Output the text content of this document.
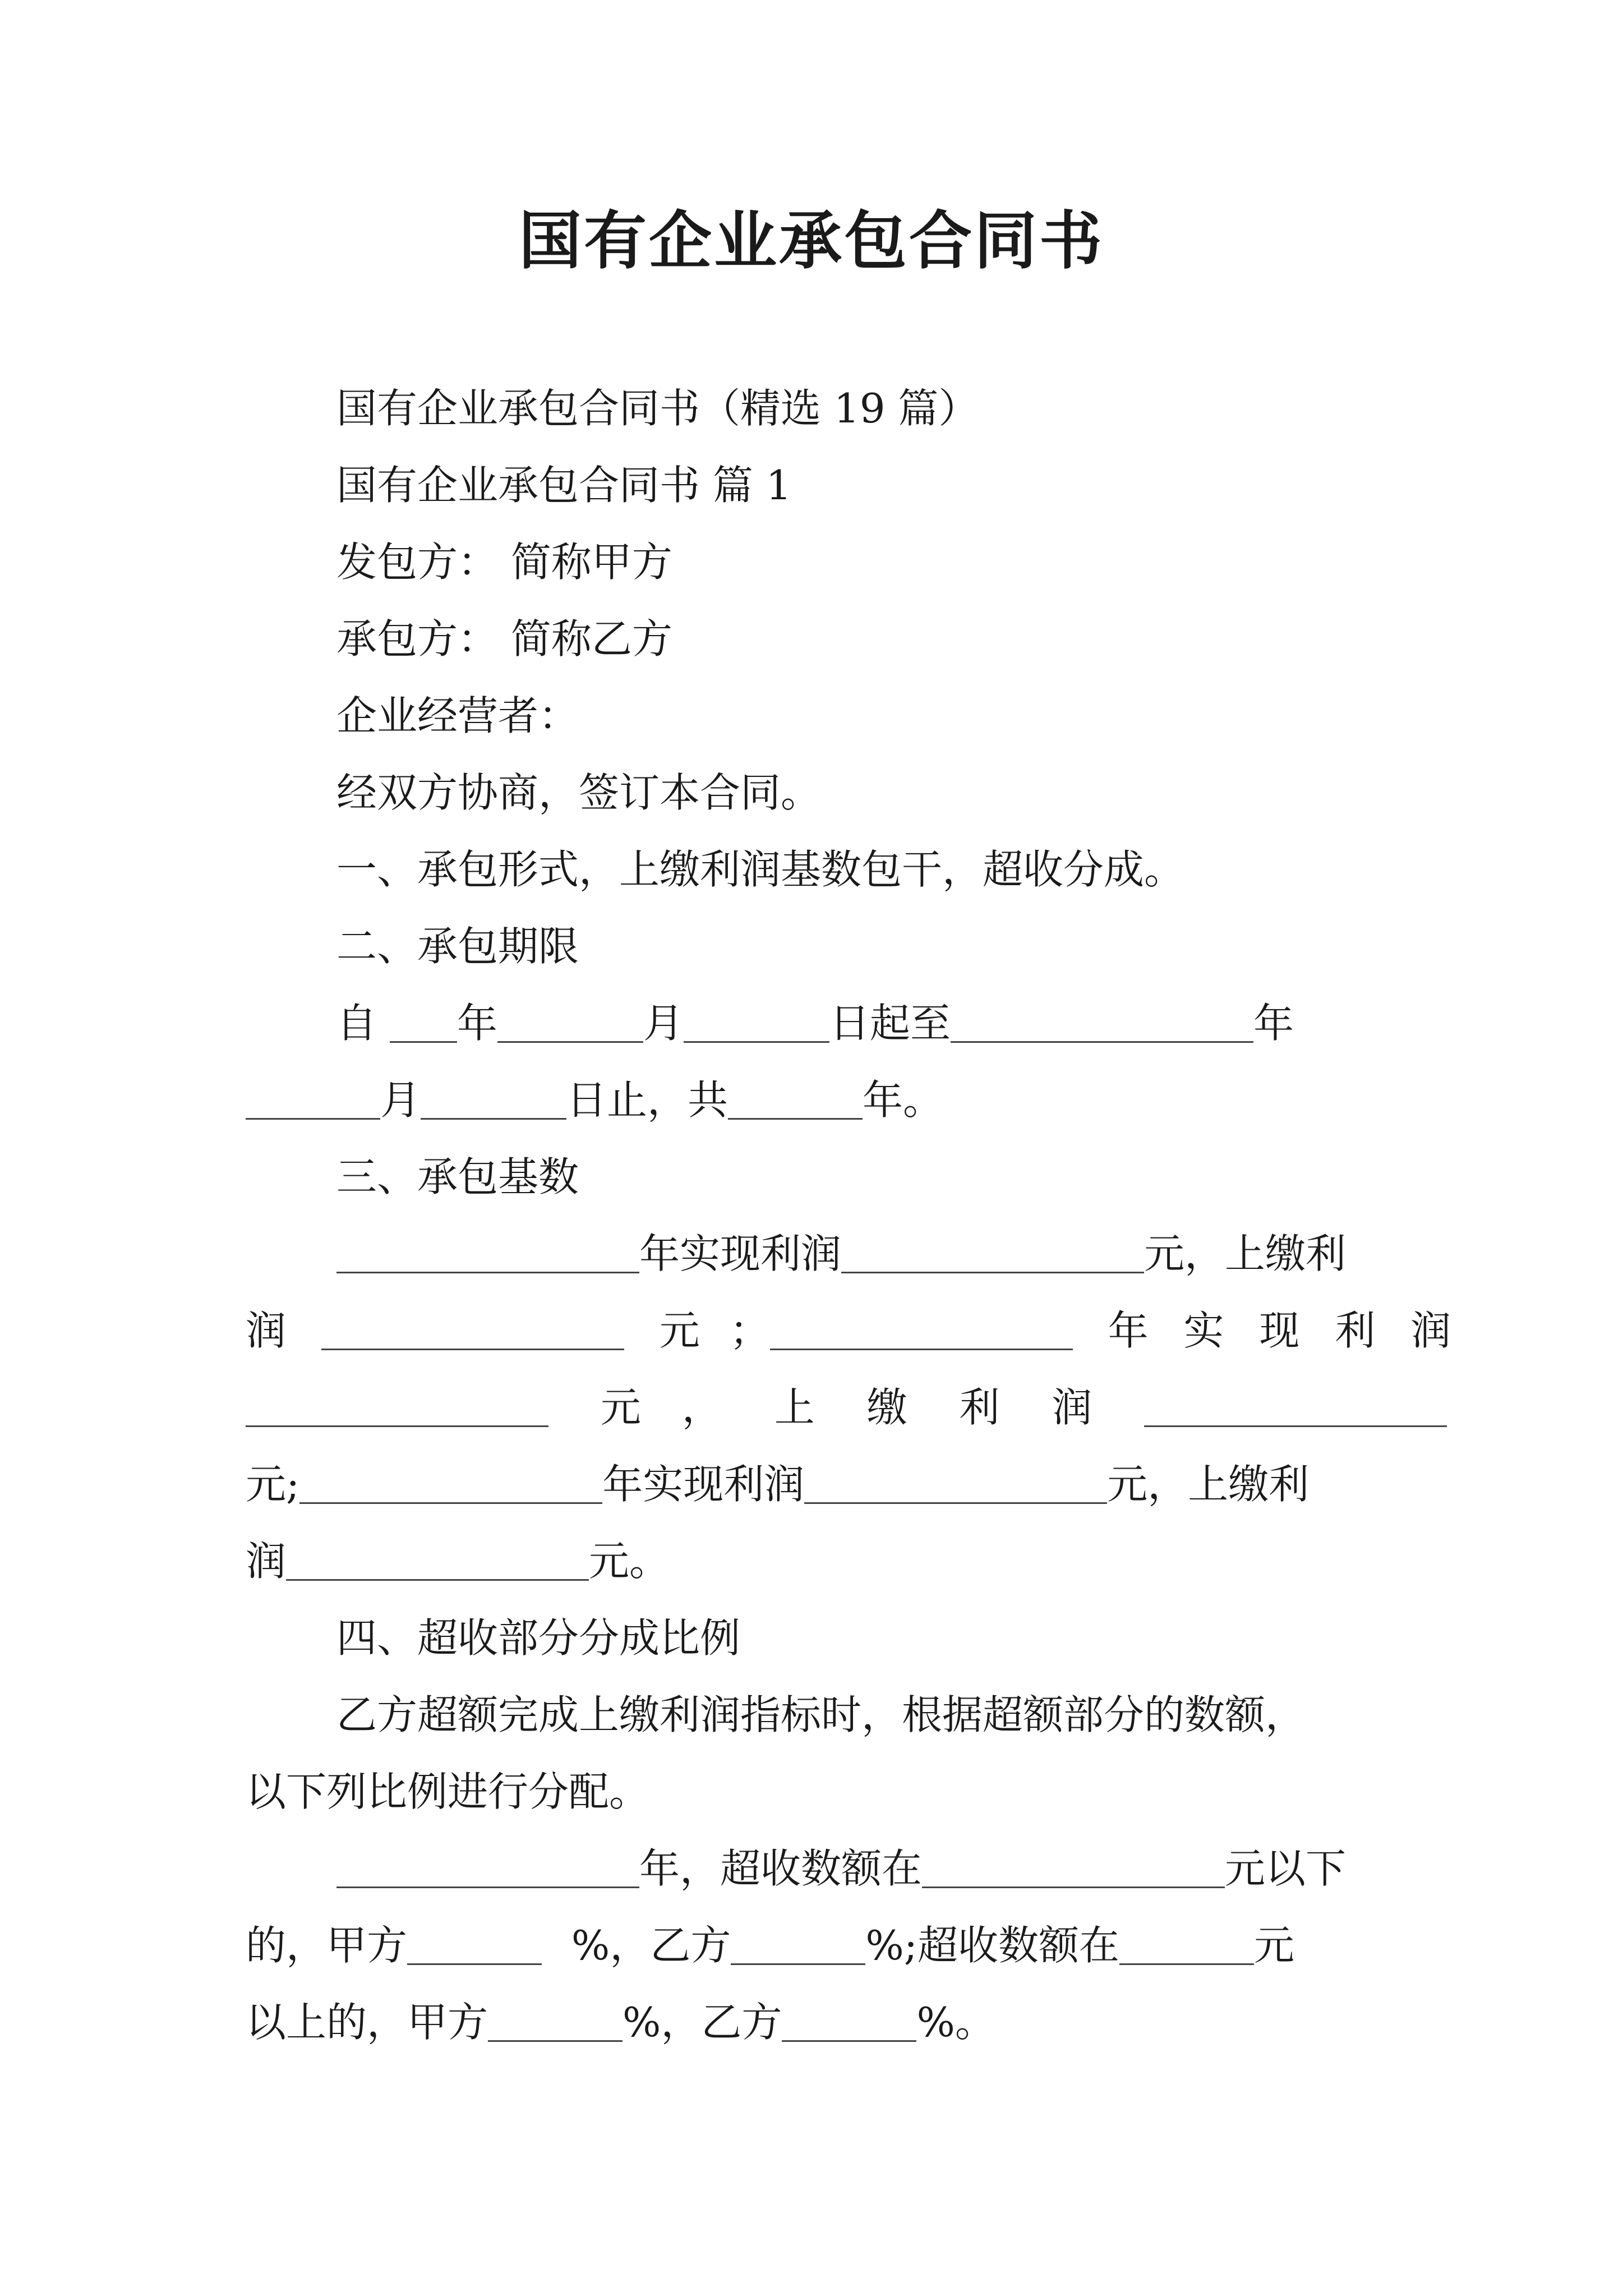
国有企业承包合同书
国有企业承包合同书（精选 19 篇）
国有企业承包合同书 篇 1
发包方： 简称甲方
承包方： 简称乙方
企业经营者：
经双方协商，签订本合同。
一、承包形式，上缴利润基数包干，超收分成。
二、承包期限
自 年	月	日起至	年
月	日止，共	年。
三、承包基数
年实现利润	元，上缴利
润	元 ；	年 实 现 利 润
元 ， 上 缴 利 润
元;	年实现利润	元，上缴利
润	元。
四、超收部分分成比例
乙方超额完成上缴利润指标时，根据超额部分的数额，
以下列比例进行分配。
年，超收数额在	元以下
的，甲方	%，乙方	%;超收数额在	元
以上的，甲方	%，乙方	%。
